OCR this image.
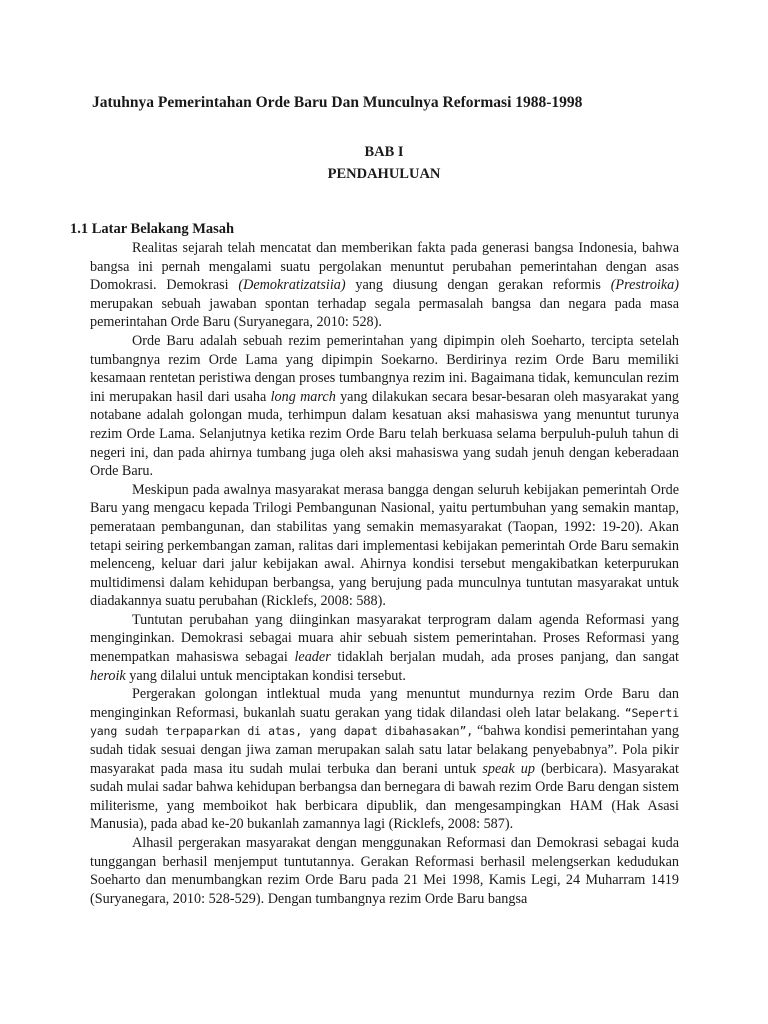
Jatuhnya Pemerintahan Orde Baru Dan Munculnya Reformasi 1988-1998
BAB I
PENDAHULUAN
1.1 Latar Belakang Masah

Realitas sejarah telah mencatat dan memberikan fakta pada generasi bangsa Indonesia, bahwa bangsa ini pernah mengalami suatu pergolakan menuntut perubahan pemerintahan dengan asas Domokrasi. Demokrasi (Demokratizatsiia) yang diusung dengan gerakan reformis (Prestroika) merupakan sebuah jawaban spontan terhadap segala permasalah bangsa dan negara pada masa pemerintahan Orde Baru (Suryanegara, 2010: 528).

Orde Baru adalah sebuah rezim pemerintahan yang dipimpin oleh Soeharto, tercipta setelah tumbangnya rezim Orde Lama yang dipimpin Soekarno. Berdirinya rezim Orde Baru memiliki kesamaan rentetan peristiwa dengan proses tumbangnya rezim ini. Bagaimana tidak, kemunculan rezim ini merupakan hasil dari usaha long march yang dilakukan secara besar-besaran oleh masyarakat yang notabane adalah golongan muda, terhimpun dalam kesatuan aksi mahasiswa yang menuntut turunya rezim Orde Lama. Selanjutnya ketika rezim Orde Baru telah berkuasa selama berpuluh-puluh tahun di negeri ini, dan pada ahirnya tumbang juga oleh aksi mahasiswa yang sudah jenuh dengan keberadaan Orde Baru.

Meskipun pada awalnya masyarakat merasa bangga dengan seluruh kebijakan pemerintah Orde Baru yang mengacu kepada Trilogi Pembangunan Nasional, yaitu pertumbuhan yang semakin mantap, pemerataan pembangunan, dan stabilitas yang semakin memasyarakat (Taopan, 1992: 19-20). Akan tetapi seiring perkembangan zaman, ralitas dari implementasi kebijakan pemerintah Orde Baru semakin melenceng, keluar dari jalur kebijakan awal. Ahirnya kondisi tersebut mengakibatkan keterpurukan multidimensi dalam kehidupan berbangsa, yang berujung pada munculnya tuntutan masyarakat untuk diadakannya suatu perubahan (Ricklefs, 2008: 588).

Tuntutan perubahan yang diinginkan masyarakat terprogram dalam agenda Reformasi yang menginginkan. Demokrasi sebagai muara ahir sebuah sistem pemerintahan. Proses Reformasi yang menempatkan mahasiswa sebagai leader tidaklah berjalan mudah, ada proses panjang, dan sangat heroik yang dilalui untuk menciptakan kondisi tersebut.

Pergerakan golongan intlektual muda yang menuntut mundurnya rezim Orde Baru dan menginginkan Reformasi, bukanlah suatu gerakan yang tidak dilandasi oleh latar belakang. “Seperti yang sudah terpaparkan di atas, yang dapat dibahasakan”, “bahwa kondisi pemerintahan yang sudah tidak sesuai dengan jiwa zaman merupakan salah satu latar belakang penyebabnya”. Pola pikir masyarakat pada masa itu sudah mulai terbuka dan berani untuk speak up (berbicara). Masyarakat sudah mulai sadar bahwa kehidupan berbangsa dan bernegara di bawah rezim Orde Baru dengan sistem militerisme, yang memboikot hak berbicara dipublik, dan mengesampingkan HAM (Hak Asasi Manusia), pada abad ke-20 bukanlah zamannya lagi (Ricklefs, 2008: 587).

Alhasil pergerakan masyarakat dengan menggunakan Reformasi dan Demokrasi sebagai kuda tunggangan berhasil menjemput tuntutannya. Gerakan Reformasi berhasil melengserkan kedudukan Soeharto dan menumbangkan rezim Orde Baru pada 21 Mei 1998, Kamis Legi, 24 Muharram 1419 (Suryanegara, 2010: 528-529). Dengan tumbangnya rezim Orde Baru bangsa
